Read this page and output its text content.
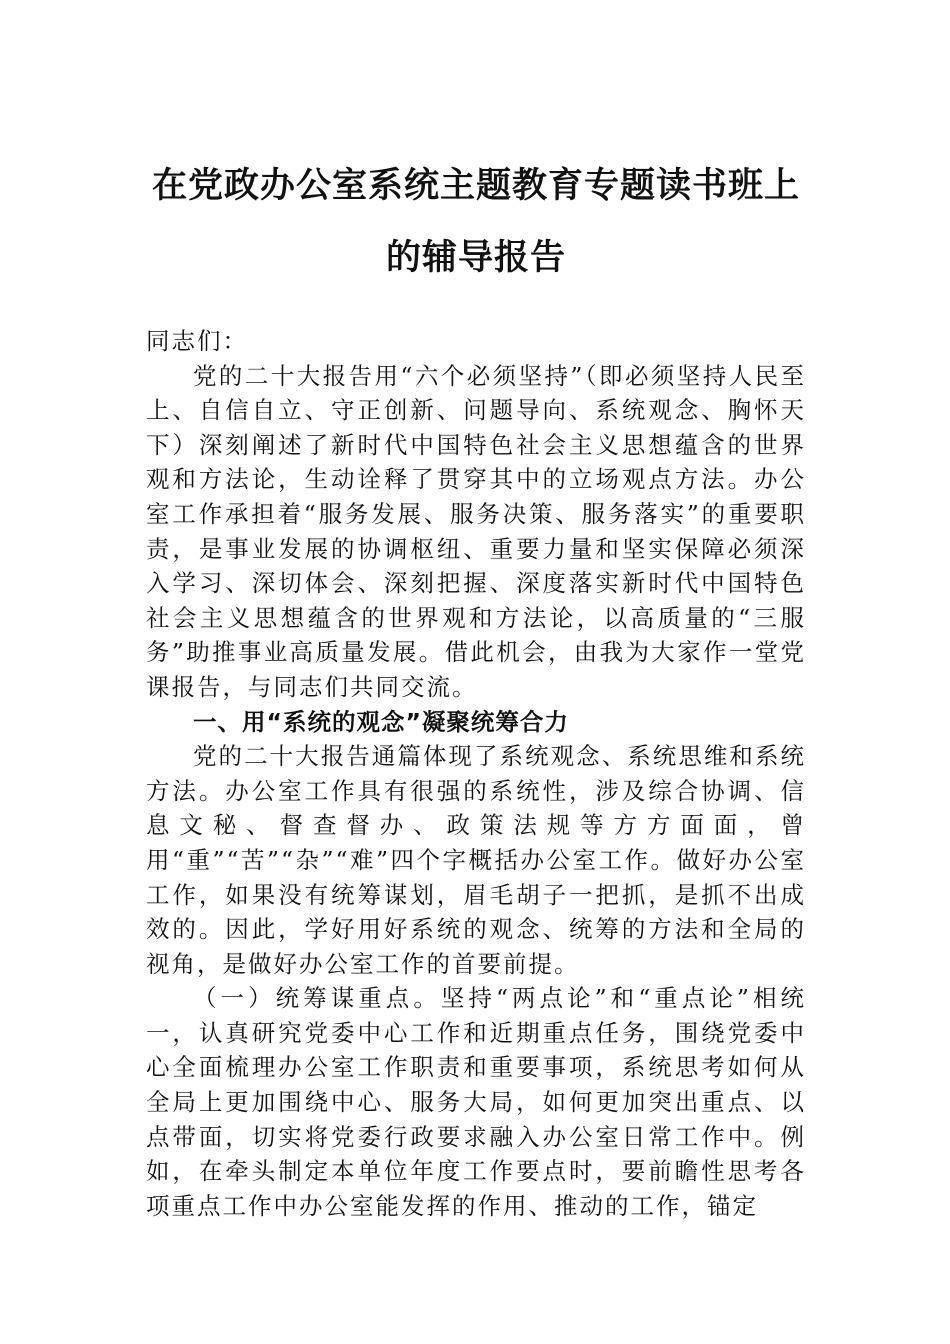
在党政办公室系统主题教育专题读书班上
的辅导报告

同志们：

党的二十大报告用“六个必须坚持”（即必须坚持人民至上、自信自立、守正创新、问题导向、系统观念、胸怀天下）深刻阐述了新时代中国特色社会主义思想蕴含的世界观和方法论，生动诠释了贯穿其中的立场观点方法。办公室工作承担着“服务发展、服务决策、服务落实”的重要职责，是事业发展的协调枢纽、重要力量和坚实保障必须深入学习、深切体会、深刻把握、深度落实新时代中国特色社会主义思想蕴含的世界观和方法论，以高质量的“三服务”助推事业高质量发展。借此机会，由我为大家作一堂党课报告，与同志们共同交流。

一、用“系统的观念”凝聚统筹合力

党的二十大报告通篇体现了系统观念、系统思维和系统方法。办公室工作具有很强的系统性，涉及综合协调、信息文秘、督查督办、政策法规等方方面面，曾用“重”“苦”“杂”“难”四个字概括办公室工作。做好办公室工作，如果没有统筹谋划，眉毛胡子一把抓，是抓不出成效的。因此，学好用好系统的观念、统筹的方法和全局的视角，是做好办公室工作的首要前提。

（一）统筹谋重点。坚持“两点论”和“重点论”相统一，认真研究党委中心工作和近期重点任务，围绕党委中心全面梳理办公室工作职责和重要事项，系统思考如何从全局上更加围绕中心、服务大局，如何更加突出重点、以点带面，切实将党委行政要求融入办公室日常工作中。例如，在牵头制定本单位年度工作要点时，要前瞻性思考各项重点工作中办公室能发挥的作用、推动的工作，锚定
